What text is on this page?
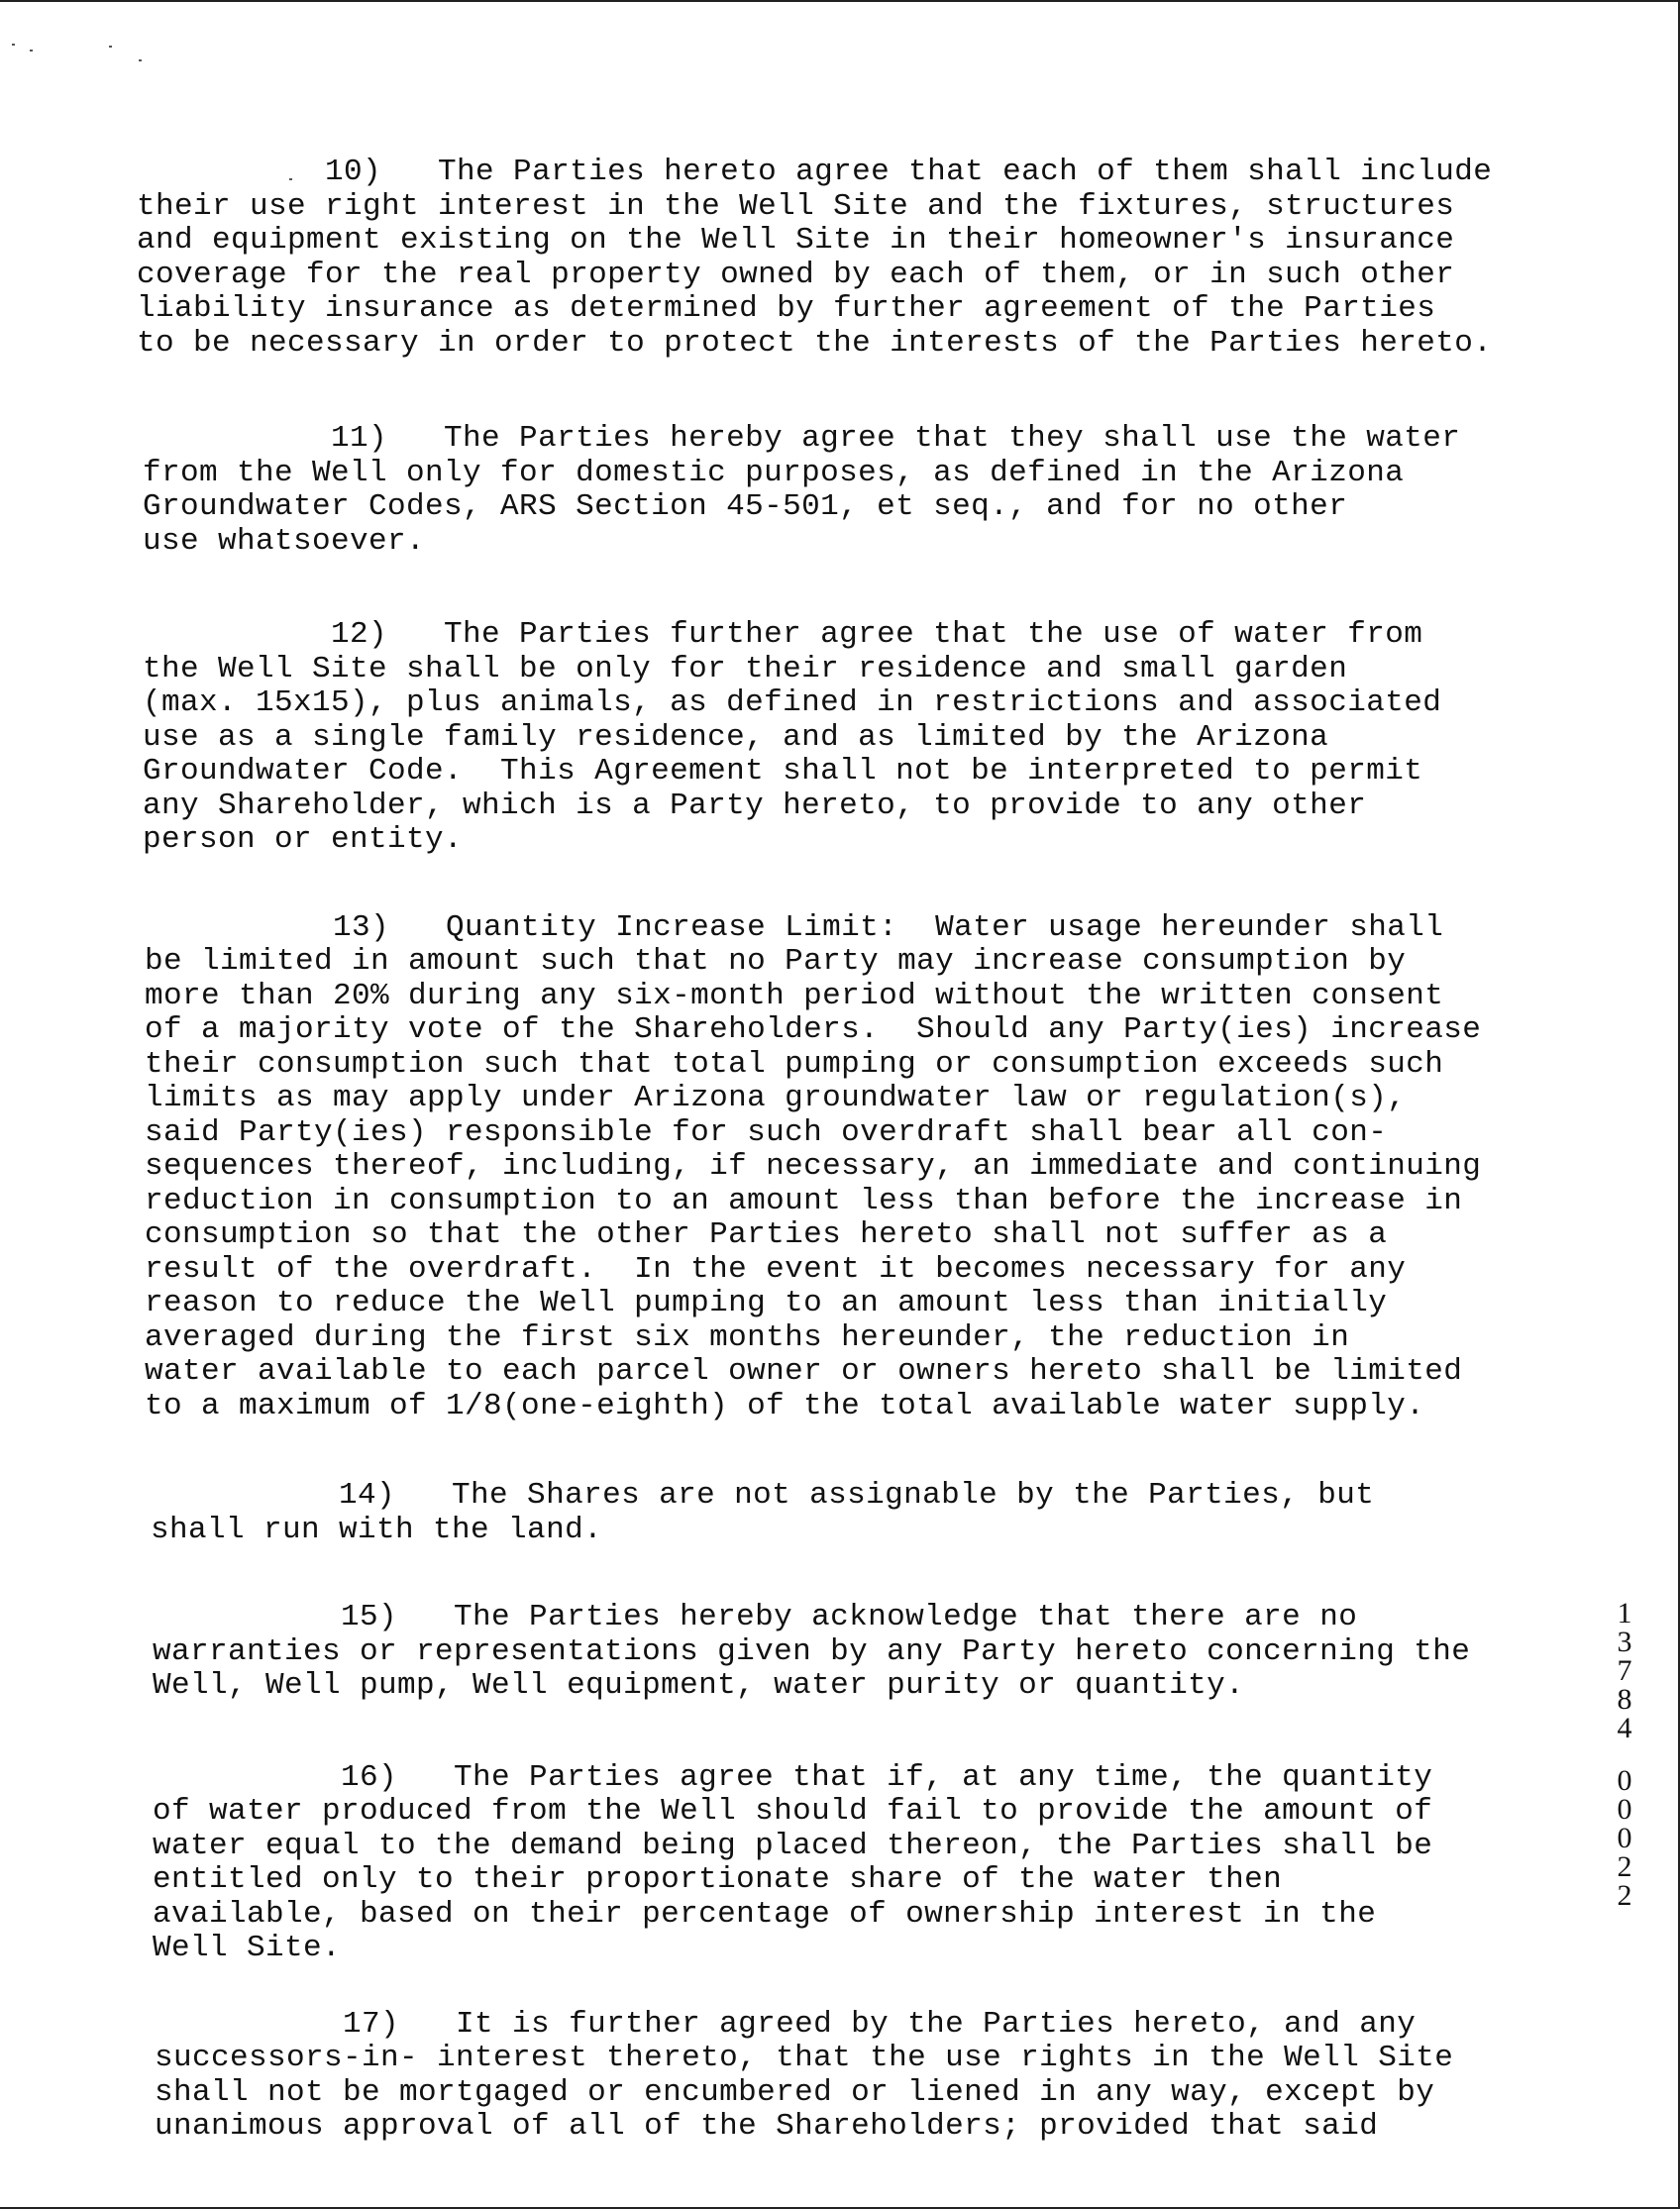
10)   The Parties hereto agree that each of them shall include
their use right interest in the Well Site and the fixtures, structures
and equipment existing on the Well Site in their homeowner's insurance
coverage for the real property owned by each of them, or in such other
liability insurance as determined by further agreement of the Parties
to be necessary in order to protect the interests of the Parties hereto.

11)   The Parties hereby agree that they shall use the water
from the Well only for domestic purposes, as defined in the Arizona
Groundwater Codes, ARS Section 45-501, et seq., and for no other
use whatsoever.

12)   The Parties further agree that the use of water from
the Well Site shall be only for their residence and small garden
(max. 15x15), plus animals, as defined in restrictions and associated
use as a single family residence, and as limited by the Arizona
Groundwater Code.  This Agreement shall not be interpreted to permit
any Shareholder, which is a Party hereto, to provide to any other
person or entity.

13)   Quantity Increase Limit:  Water usage hereunder shall
be limited in amount such that no Party may increase consumption by
more than 20% during any six-month period without the written consent
of a majority vote of the Shareholders.  Should any Party(ies) increase
their consumption such that total pumping or consumption exceeds such
limits as may apply under Arizona groundwater law or regulation(s),
said Party(ies) responsible for such overdraft shall bear all con-
sequences thereof, including, if necessary, an immediate and continuing
reduction in consumption to an amount less than before the increase in
consumption so that the other Parties hereto shall not suffer as a
result of the overdraft.  In the event it becomes necessary for any
reason to reduce the Well pumping to an amount less than initially
averaged during the first six months hereunder, the reduction in
water available to each parcel owner or owners hereto shall be limited
to a maximum of 1/8(one-eighth) of the total available water supply.

14)   The Shares are not assignable by the Parties, but
shall run with the land.

15)   The Parties hereby acknowledge that there are no
warranties or representations given by any Party hereto concerning the
Well, Well pump, Well equipment, water purity or quantity.

16)   The Parties agree that if, at any time, the quantity
of water produced from the Well should fail to provide the amount of
water equal to the demand being placed thereon, the Parties shall be
entitled only to their proportionate share of the water then
available, based on their percentage of ownership interest in the
Well Site.

17)   It is further agreed by the Parties hereto, and any
successors-in- interest thereto, that the use rights in the Well Site
shall not be mortgaged or encumbered or liened in any way, except by
unanimous approval of all of the Shareholders; provided that said

1
3
7
8
4
0
0
0
2
2
